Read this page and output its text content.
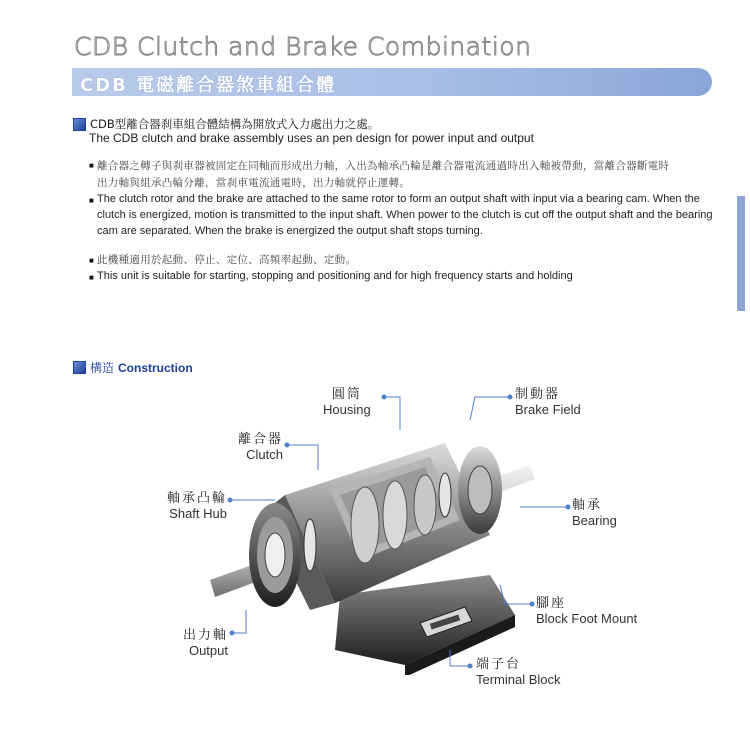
CDB Clutch and Brake Combination
CDB 電磁離合器煞車組合體
CDB型離合器刹車組合體結構為開放式入力處出力之處。
The CDB clutch and brake assembly uses an pen design for power input and output
■ 離合器之轉子與刹車器被固定在同軸而形成出力軸，入出為軸承凸輪是離合器電流通過時出入軸被帶動，當離合器斷電時
出力軸與組承凸輪分離，當刹車電流通電時，出力軸就停止運轉。
■ The clutch rotor and the brake are attached to the same rotor to form an output shaft with input via a bearing cam. When the
clutch is energized, motion is transmitted to the input shaft. When power to the clutch is cut off the output shaft and the bearing
cam are separated. When the brake is energized the output shaft stops turning.
■ 此機種適用於起動、停止、定位、高頻率起動、定動。
■ This unit is suitable for starting, stopping and positioning and for high frequency starts and holding
構造 Construction
圓筒
Housing
制動器
Brake Field
離合器
Clutch
軸承凸輪
Shaft Hub
軸承
Bearing
腳座
Block Foot Mount
出力軸
Output
端子台
Terminal Block
